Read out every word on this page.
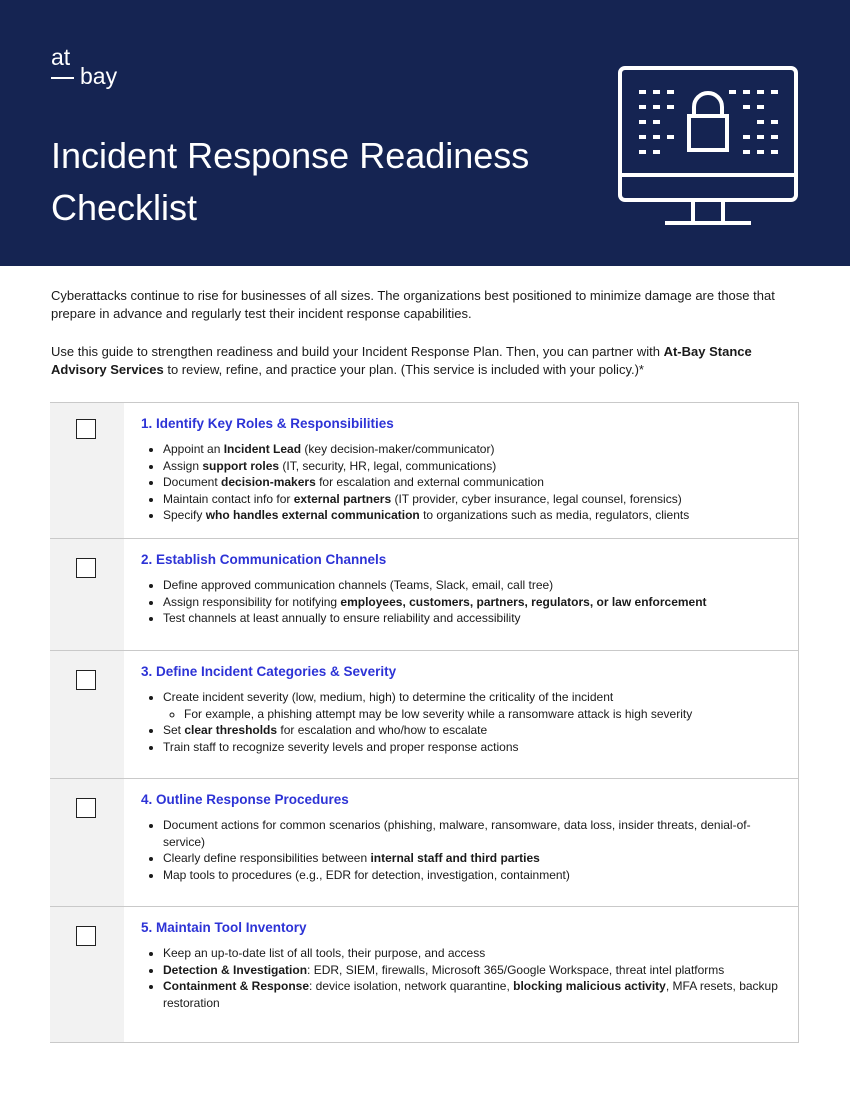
at
bay
Incident Response Readiness
Checklist

Cyberattacks continue to rise for businesses of all sizes. The organizations best positioned to minimize damage are those that prepare in advance and regularly test their incident response capabilities.

Use this guide to strengthen readiness and build your Incident Response Plan. Then, you can partner with At-Bay Stance Advisory Services to review, refine, and practice your plan. (This service is included with your policy.)*

1. Identify Key Roles & Responsibilities
• Appoint an Incident Lead (key decision-maker/communicator)
• Assign support roles (IT, security, HR, legal, communications)
• Document decision-makers for escalation and external communication
• Maintain contact info for external partners (IT provider, cyber insurance, legal counsel, forensics)
• Specify who handles external communication to organizations such as media, regulators, clients
2. Establish Communication Channels
• Define approved communication channels (Teams, Slack, email, call tree)
• Assign responsibility for notifying employees, customers, partners, regulators, or law enforcement
• Test channels at least annually to ensure reliability and accessibility
3. Define Incident Categories & Severity
• Create incident severity (low, medium, high) to determine the criticality of the incident
◦ For example, a phishing attempt may be low severity while a ransomware attack is high severity
• Set clear thresholds for escalation and who/how to escalate
• Train staff to recognize severity levels and proper response actions
4. Outline Response Procedures
• Document actions for common scenarios (phishing, malware, ransomware, data loss, insider threats, denial-of-service)
• Clearly define responsibilities between internal staff and third parties
• Map tools to procedures (e.g., EDR for detection, investigation, containment)
5. Maintain Tool Inventory
• Keep an up-to-date list of all tools, their purpose, and access
• Detection & Investigation: EDR, SIEM, firewalls, Microsoft 365/Google Workspace, threat intel platforms
• Containment & Response: device isolation, network quarantine, blocking malicious activity, MFA resets, backup restoration
